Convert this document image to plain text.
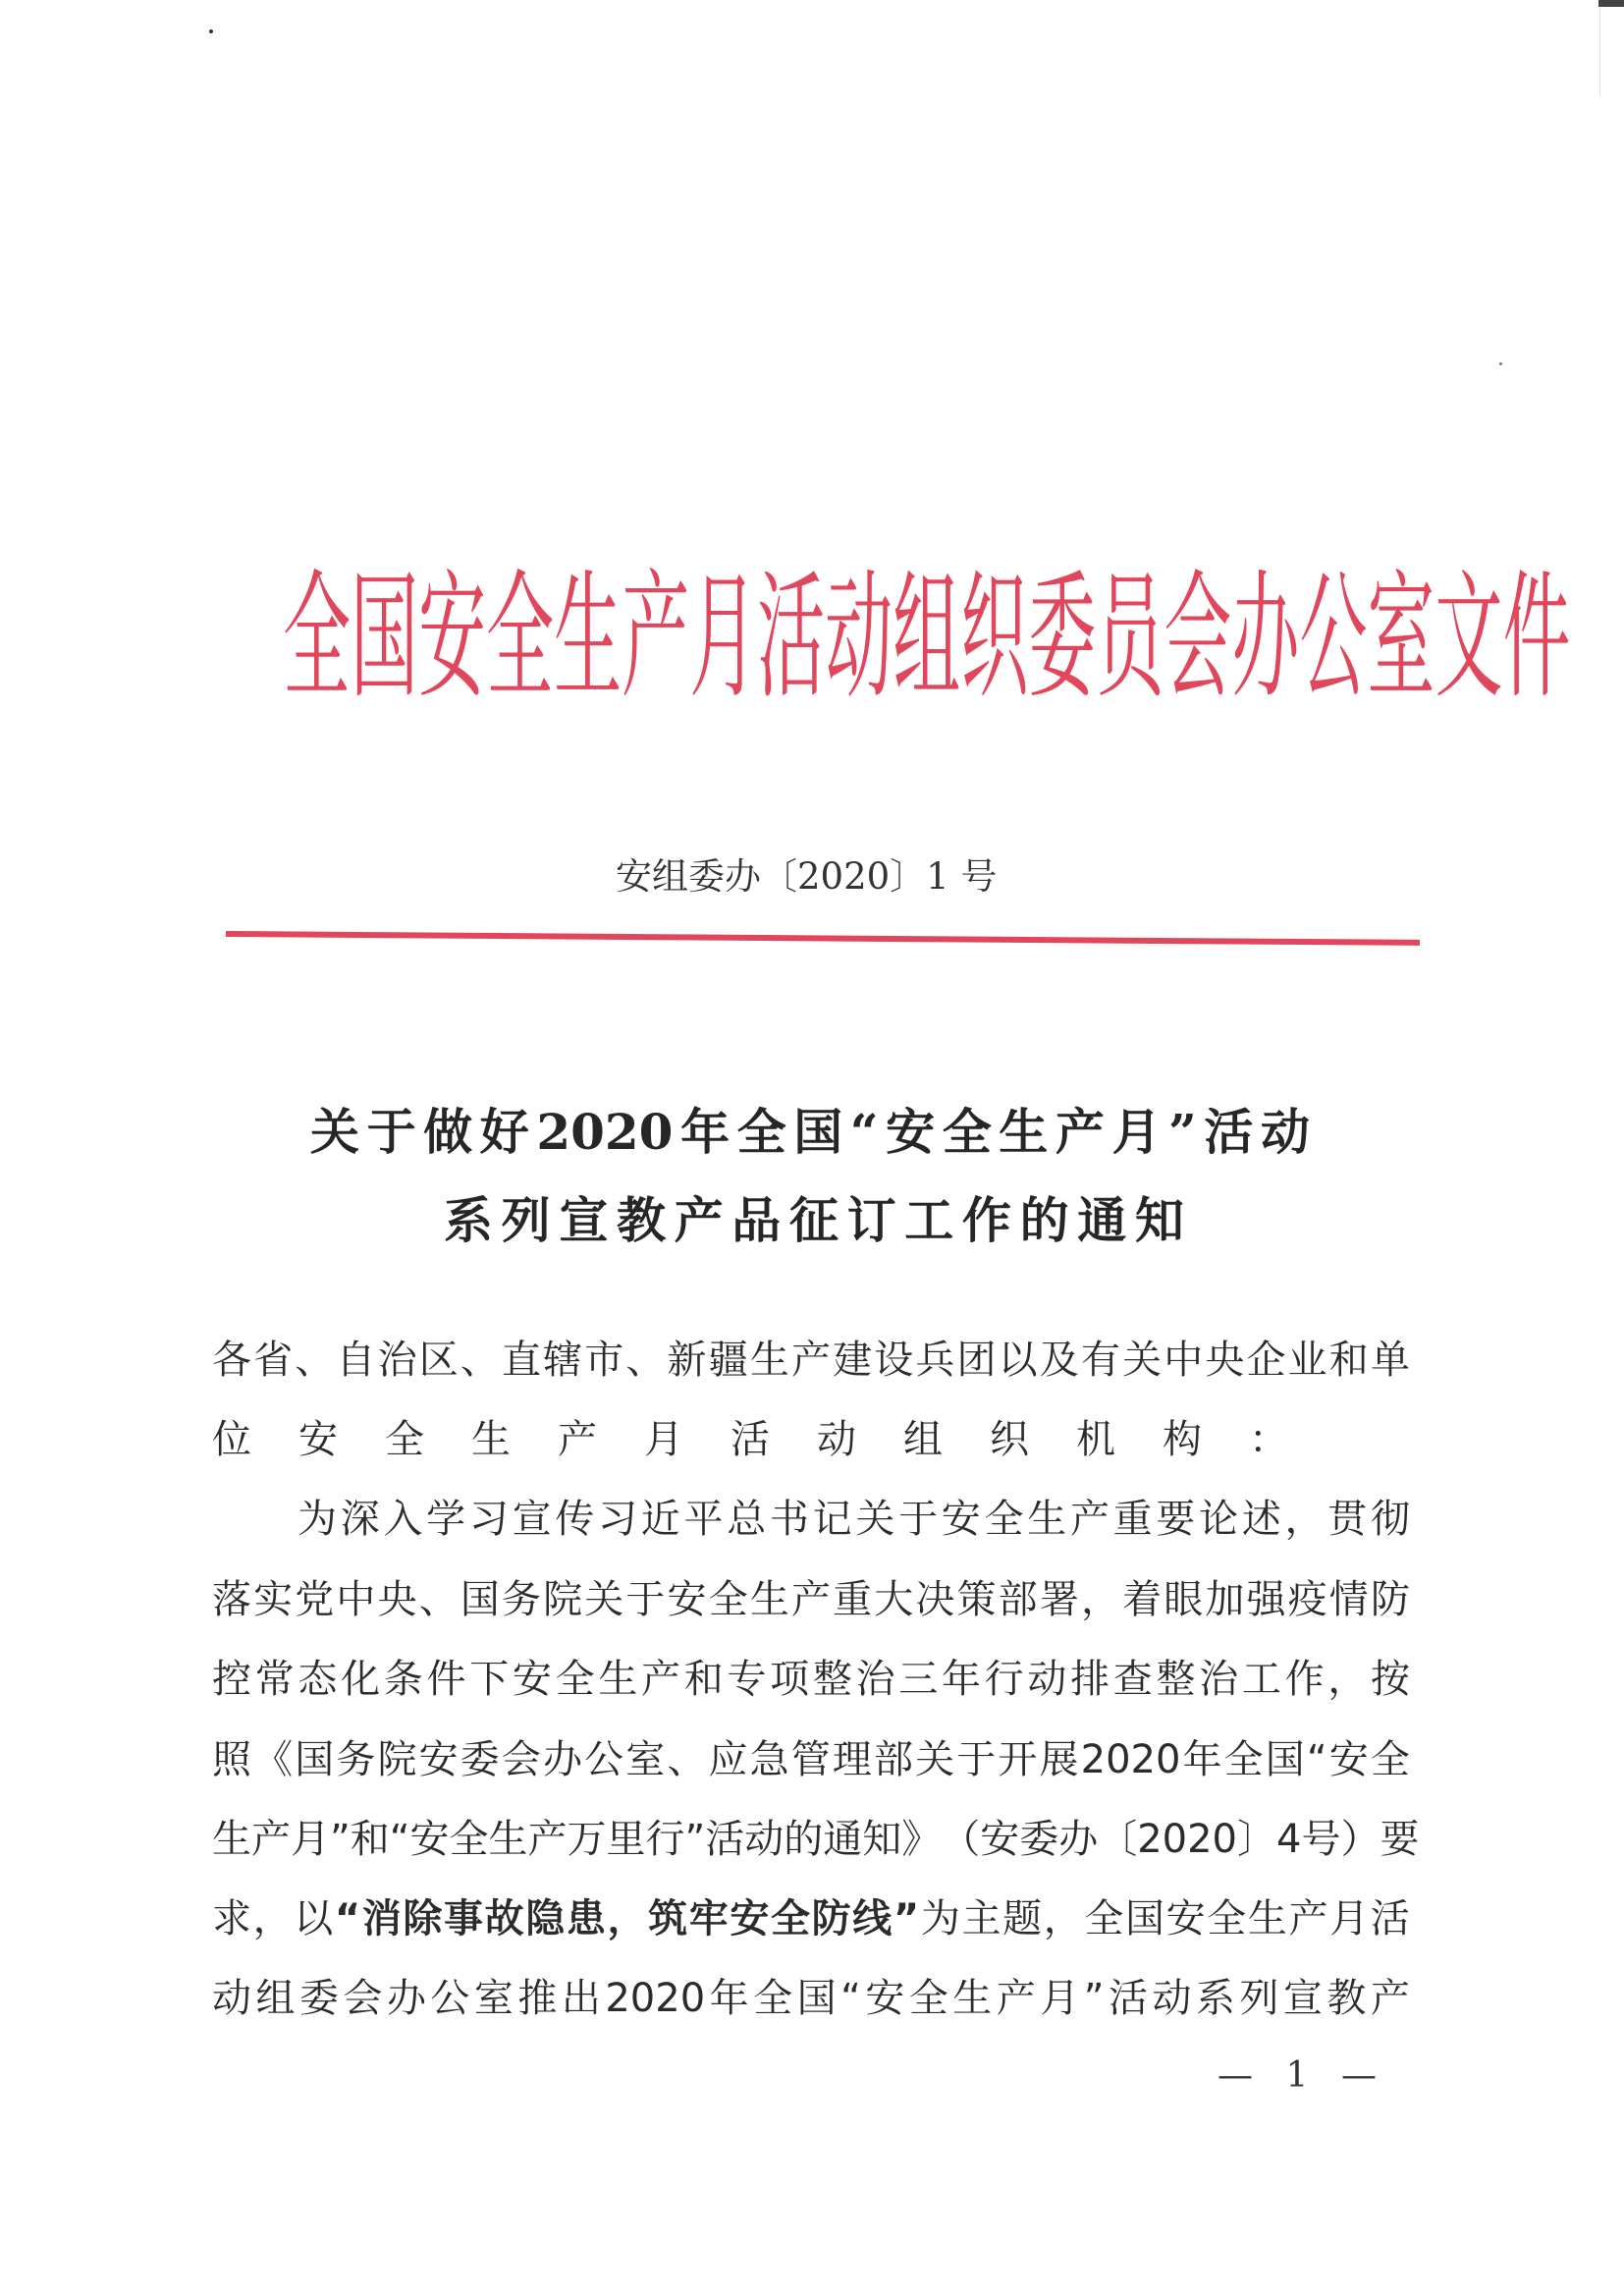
全 国 安 全 生 产 月 活 动 组 织 委 员 会 办 公 室 文 件
安组委办〔2020〕1 号
关 于 做 好 2020 年 全 国 “ 安 全 生 产 月 ” 活 动
系 列 宣 教 产 品 征 订 工 作 的 通 知
各 省 、 自 治 区 、 直 辖 市 、 新 疆 生 产 建 设 兵 团 以 及 有 关 中 央 企 业 和 单
位	安	全	生	产	月	活	动	组	织	机	构	：
为 深 入 学 习 宣 传 习 近 平 总 书 记 关 于 安 全 生 产 重 要 论 述 ， 贯 彻
落 实 党 中 央 、 国 务 院 关 于 安 全 生 产 重 大 决 策 部 署 ， 着 眼 加 强 疫 情 防
控 常 态 化 条 件 下 安 全 生 产 和 专 项 整 治 三 年 行 动 排 查 整 治 工 作 ， 按
照 《 国 务 院 安 委 会 办 公 室 、 应 急 管 理 部 关 于 开 展 2020 年 全 国 “ 安 全
生 产 月 ” 和 “ 安 全 生 产 万 里 行 ” 活 动 的 通 知 》 （ 安 委 办 〔 2020 〕 4 号 ） 要
求 ， 以 “ 消 除 事 故 隐 患 ， 筑 牢 安 全 防 线 ” 为 主 题 ， 全 国 安 全 生 产 月 活
动 组 委 会 办 公 室 推 出 2020 年 全 国 “ 安 全 生 产 月 ” 活 动 系 列 宣 教 产
— 1 —
